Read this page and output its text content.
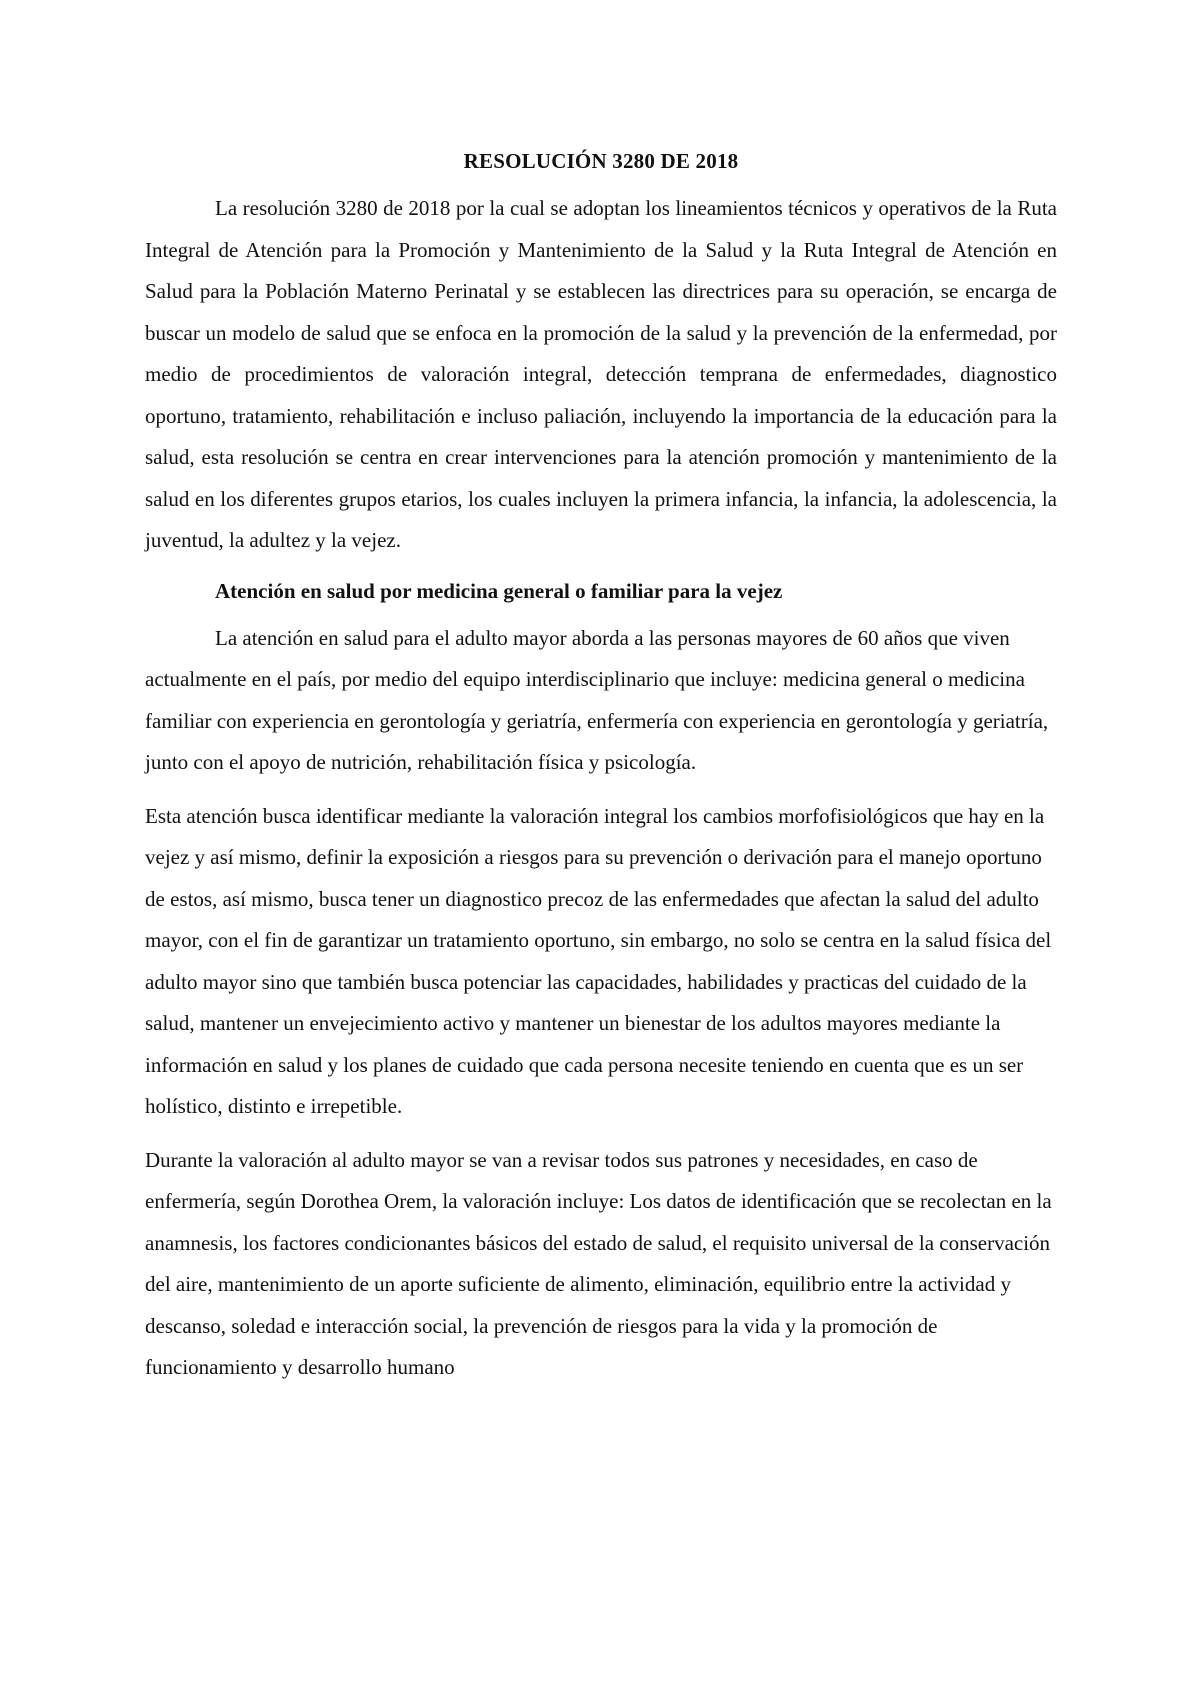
RESOLUCIÓN 3280 DE 2018

La resolución 3280 de 2018 por la cual se adoptan los lineamientos técnicos y operativos de la Ruta Integral de Atención para la Promoción y Mantenimiento de la Salud y la Ruta Integral de Atención en Salud para la Población Materno Perinatal y se establecen las directrices para su operación, se encarga de buscar un modelo de salud que se enfoca en la promoción de la salud y la prevención de la enfermedad, por medio de procedimientos de valoración integral, detección temprana de enfermedades, diagnostico oportuno, tratamiento, rehabilitación e incluso paliación, incluyendo la importancia de la educación para la salud, esta resolución se centra en crear intervenciones para la atención promoción y mantenimiento de la salud en los diferentes grupos etarios, los cuales incluyen la primera infancia, la infancia, la adolescencia, la juventud, la adultez y la vejez.

Atención en salud por medicina general o familiar para la vejez

La atención en salud para el adulto mayor aborda a las personas mayores de 60 años que viven actualmente en el país, por medio del equipo interdisciplinario que incluye: medicina general o medicina familiar con experiencia en gerontología y geriatría, enfermería con experiencia en gerontología y geriatría, junto con el apoyo de nutrición, rehabilitación física y psicología.

Esta atención busca identificar mediante la valoración integral los cambios morfofisiológicos que hay en la vejez y así mismo, definir la exposición a riesgos para su prevención o derivación para el manejo oportuno de estos, así mismo, busca tener un diagnostico precoz de las enfermedades que afectan la salud del adulto mayor, con el fin de garantizar un tratamiento oportuno, sin embargo, no solo se centra en la salud física del adulto mayor sino que también busca potenciar las capacidades, habilidades y practicas del cuidado de la salud, mantener un envejecimiento activo y mantener un bienestar de los adultos mayores mediante la información en salud y los planes de cuidado que cada persona necesite teniendo en cuenta que es un ser holístico, distinto e irrepetible.

Durante la valoración al adulto mayor se van a revisar todos sus patrones y necesidades, en caso de enfermería, según Dorothea Orem, la valoración incluye: Los datos de identificación que se recolectan en la anamnesis, los factores condicionantes básicos del estado de salud, el requisito universal de la conservación del aire, mantenimiento de un aporte suficiente de alimento, eliminación, equilibrio entre la actividad y descanso, soledad e interacción social, la prevención de riesgos para la vida y la promoción de funcionamiento y desarrollo humano
